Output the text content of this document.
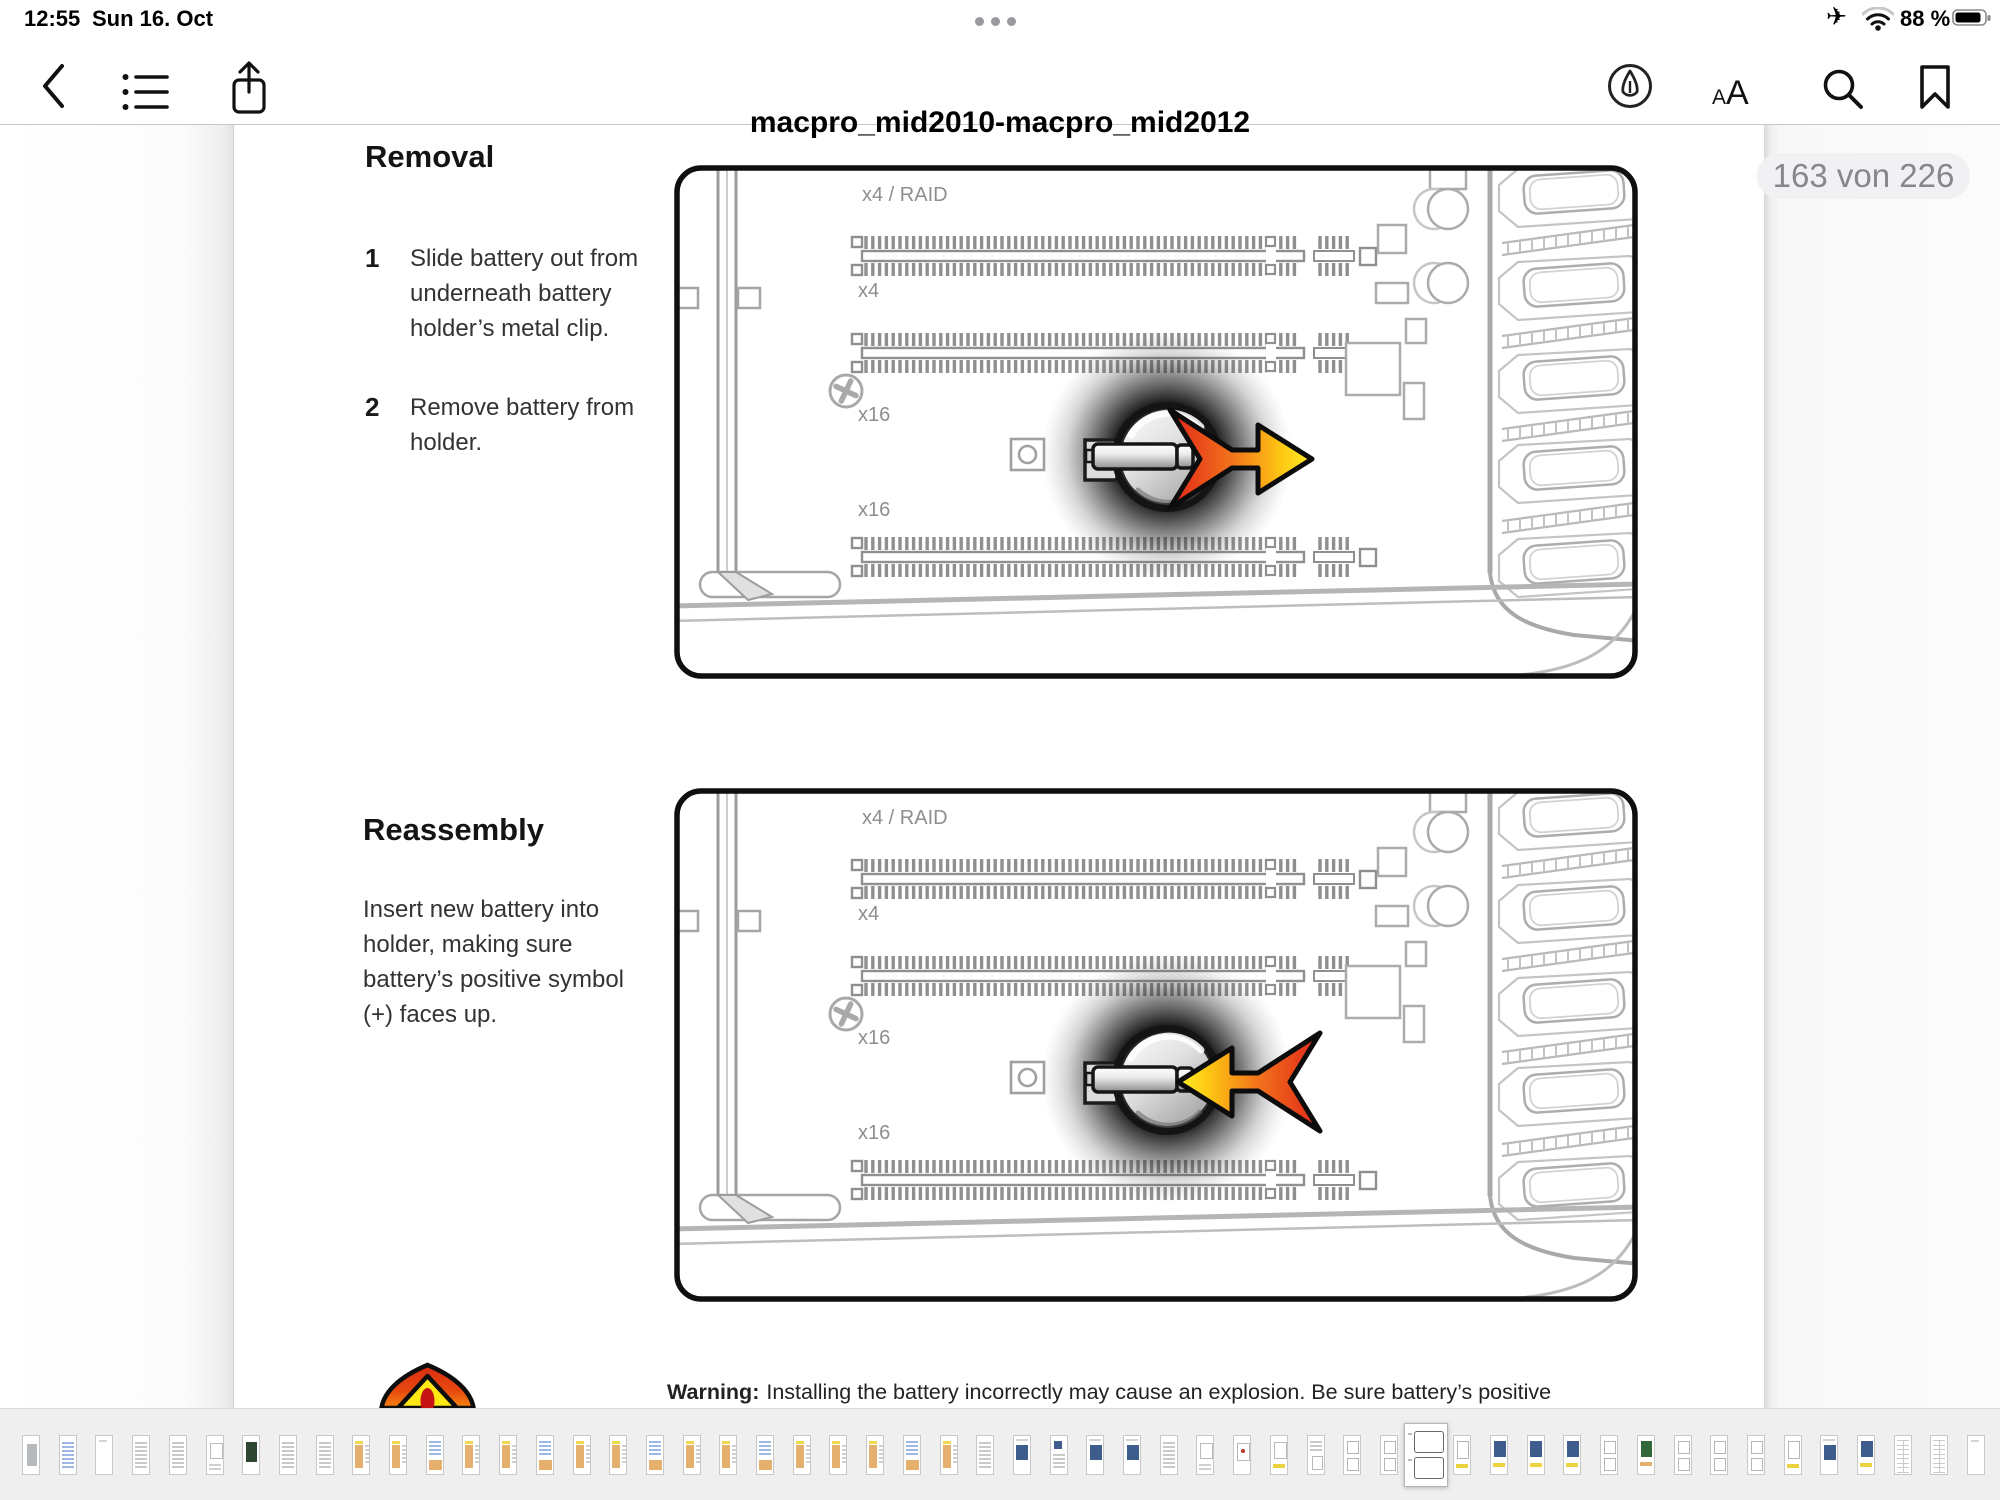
12:55 Sun 16. Oct	✈ 88 %
macpro_mid2010-macpro_mid2012
AA
163 von 226
Removal
1 Slide battery out from
underneath battery
holder’s metal clip.
2 Remove battery from
holder.
x4 / RAID
x4
x16
x16
Reassembly
Insert new battery into
holder, making sure
battery’s positive symbol
(+) faces up.
x4 / RAID
x4
x16
x16
Warning: Installing the battery incorrectly may cause an explosion. Be sure battery’s positive
